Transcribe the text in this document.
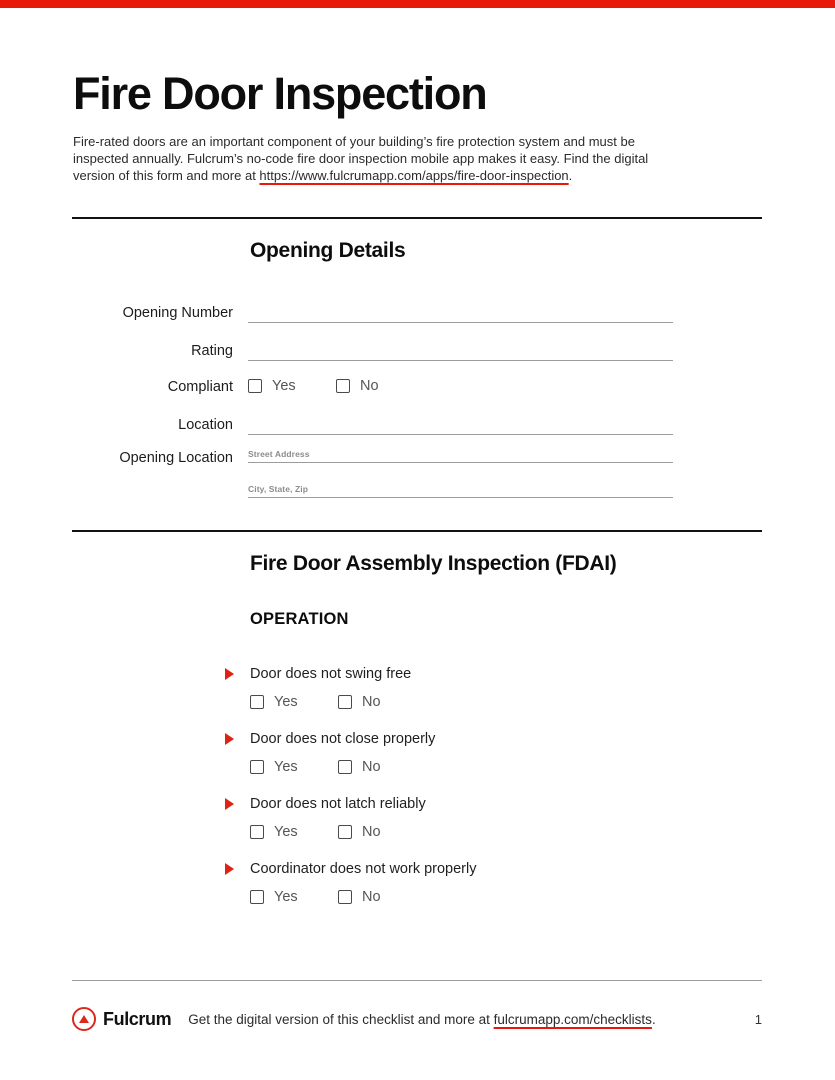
Fire Door Inspection

Fire-rated doors are an important component of your building’s fire protection system and must be inspected annually. Fulcrum’s no-code fire door inspection mobile app makes it easy. Find the digital version of this form and more at https://www.fulcrumapp.com/apps/fire-door-inspection.

Opening Details
Opening Number
Rating
Compliant	Yes	No
Location
Opening Location Street Address
City, State, Zip
Fire Door Assembly Inspection (FDAI)
OPERATION
Door does not swing free
Yes	No
Door does not close properly
Yes	No
Door does not latch reliably
Yes	No
Coordinator does not work properly
Yes	No
Fulcrum Get the digital version of this checklist and more at fulcrumapp.com/checklists.	1
